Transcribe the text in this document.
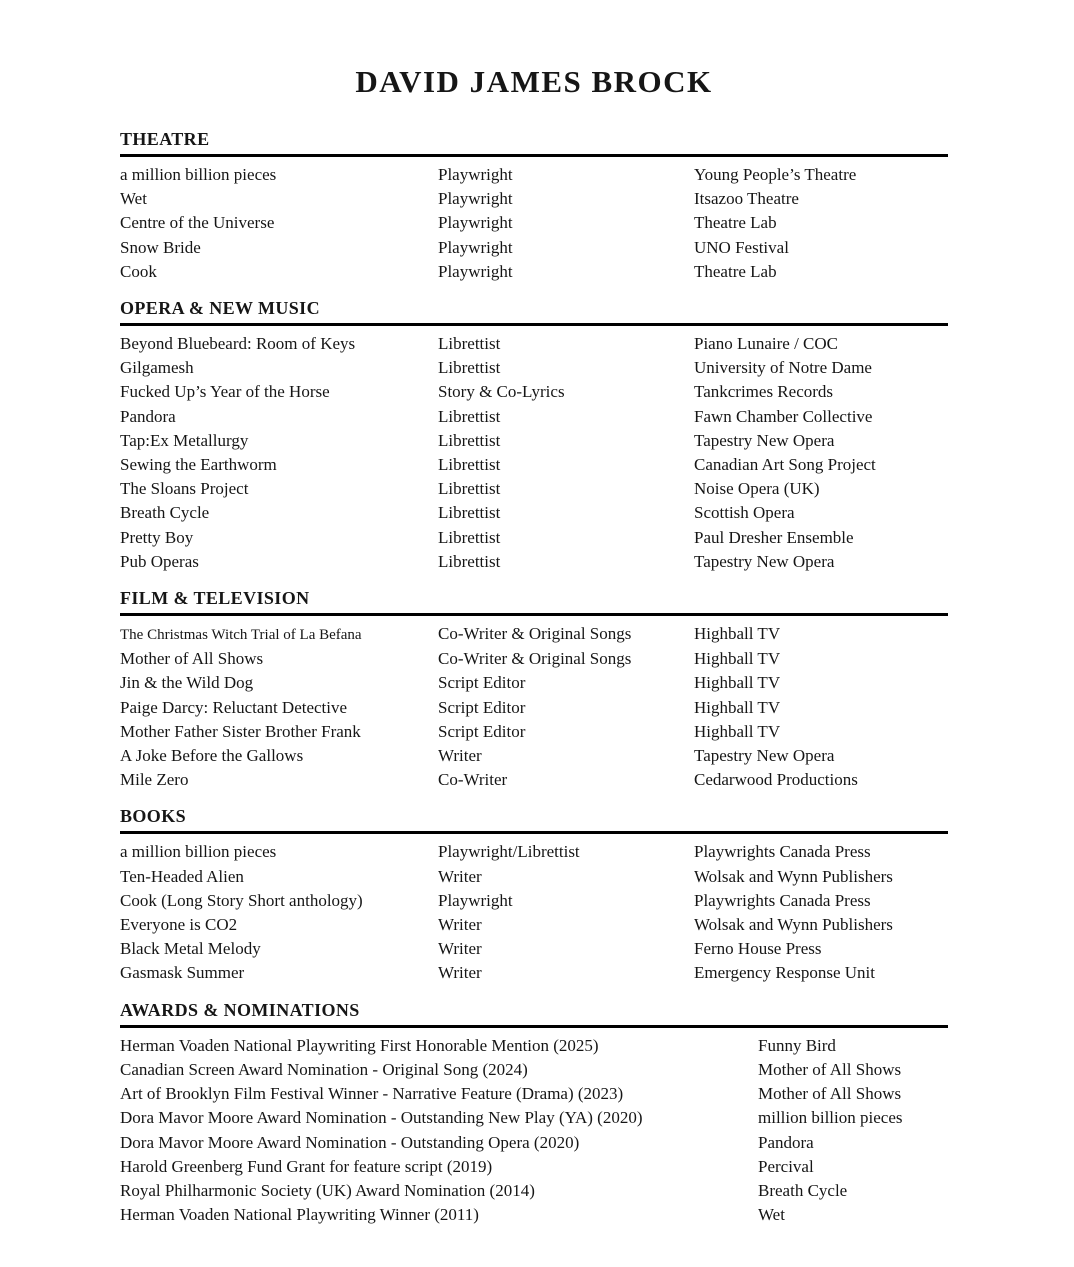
DAVID JAMES BROCK
THEATRE
a million billion pieces	Playwright	Young People’s Theatre
Wet	Playwright	Itsazoo Theatre
Centre of the Universe	Playwright	Theatre Lab
Snow Bride	Playwright	UNO Festival
Cook	Playwright	Theatre Lab
OPERA & NEW MUSIC
Beyond Bluebeard: Room of Keys	Librettist	Piano Lunaire / COC
Gilgamesh	Librettist	University of Notre Dame
Fucked Up’s Year of the Horse	Story & Co-Lyrics	Tankcrimes Records
Pandora	Librettist	Fawn Chamber Collective
Tap:Ex Metallurgy	Librettist	Tapestry New Opera
Sewing the Earthworm	Librettist	Canadian Art Song Project
The Sloans Project	Librettist	Noise Opera (UK)
Breath Cycle	Librettist	Scottish Opera
Pretty Boy	Librettist	Paul Dresher Ensemble
Pub Operas	Librettist	Tapestry New Opera
FILM & TELEVISION
The Christmas Witch Trial of La Befana	Co-Writer & Original Songs	Highball TV
Mother of All Shows	Co-Writer & Original Songs	Highball TV
Jin & the Wild Dog	Script Editor	Highball TV
Paige Darcy: Reluctant Detective	Script Editor	Highball TV
Mother Father Sister Brother Frank	Script Editor	Highball TV
A Joke Before the Gallows	Writer	Tapestry New Opera
Mile Zero	Co-Writer	Cedarwood Productions
BOOKS
a million billion pieces	Playwright/Librettist	Playwrights Canada Press
Ten-Headed Alien	Writer	Wolsak and Wynn Publishers
Cook (Long Story Short anthology)	Playwright	Playwrights Canada Press
Everyone is CO2	Writer	Wolsak and Wynn Publishers
Black Metal Melody	Writer	Ferno House Press
Gasmask Summer	Writer	Emergency Response Unit
AWARDS & NOMINATIONS
Herman Voaden National Playwriting First Honorable Mention (2025)	Funny Bird
Canadian Screen Award Nomination - Original Song (2024)	Mother of All Shows
Art of Brooklyn Film Festival Winner - Narrative Feature (Drama) (2023)	Mother of All Shows
Dora Mavor Moore Award Nomination - Outstanding New Play (YA) (2020)	million billion pieces
Dora Mavor Moore Award Nomination - Outstanding Opera (2020)	Pandora
Harold Greenberg Fund Grant for feature script (2019)	Percival
Royal Philharmonic Society (UK) Award Nomination (2014)	Breath Cycle
Herman Voaden National Playwriting Winner (2011)	Wet
